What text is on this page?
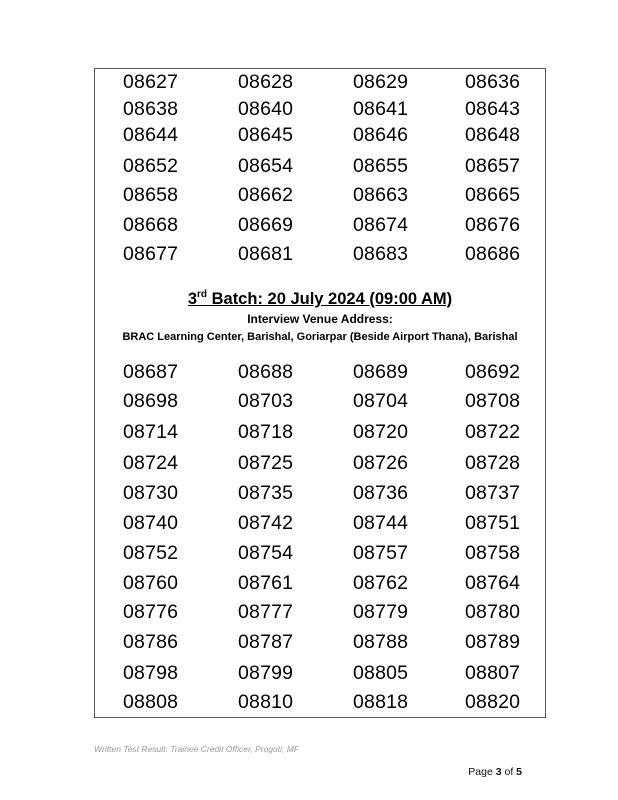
3rd Batch: 20 July 2024 (09:00 AM)
Interview Venue Address:
BRAC Learning Center, Barishal, Goriarpar (Beside Airport Thana), Barishal
08627	08628	08629	08636
08638	08640	08641	08643
08644	08645	08646	08648
08652	08654	08655	08657
08658	08662	08663	08665
08668	08669	08674	08676
08677	08681	08683	08686
08687	08688	08689	08692
08698	08703	08704	08708
08714	08718	08720	08722
08724	08725	08726	08728
08730	08735	08736	08737
08740	08742	08744	08751
08752	08754	08757	08758
08760	08761	08762	08764
08776	08777	08779	08780
08786	08787	08788	08789
08798	08799	08805	08807
08808	08810	08818	08820
Written Test Result: Trainee Credit Officer, Progoti; MF
Page 3 of 5
